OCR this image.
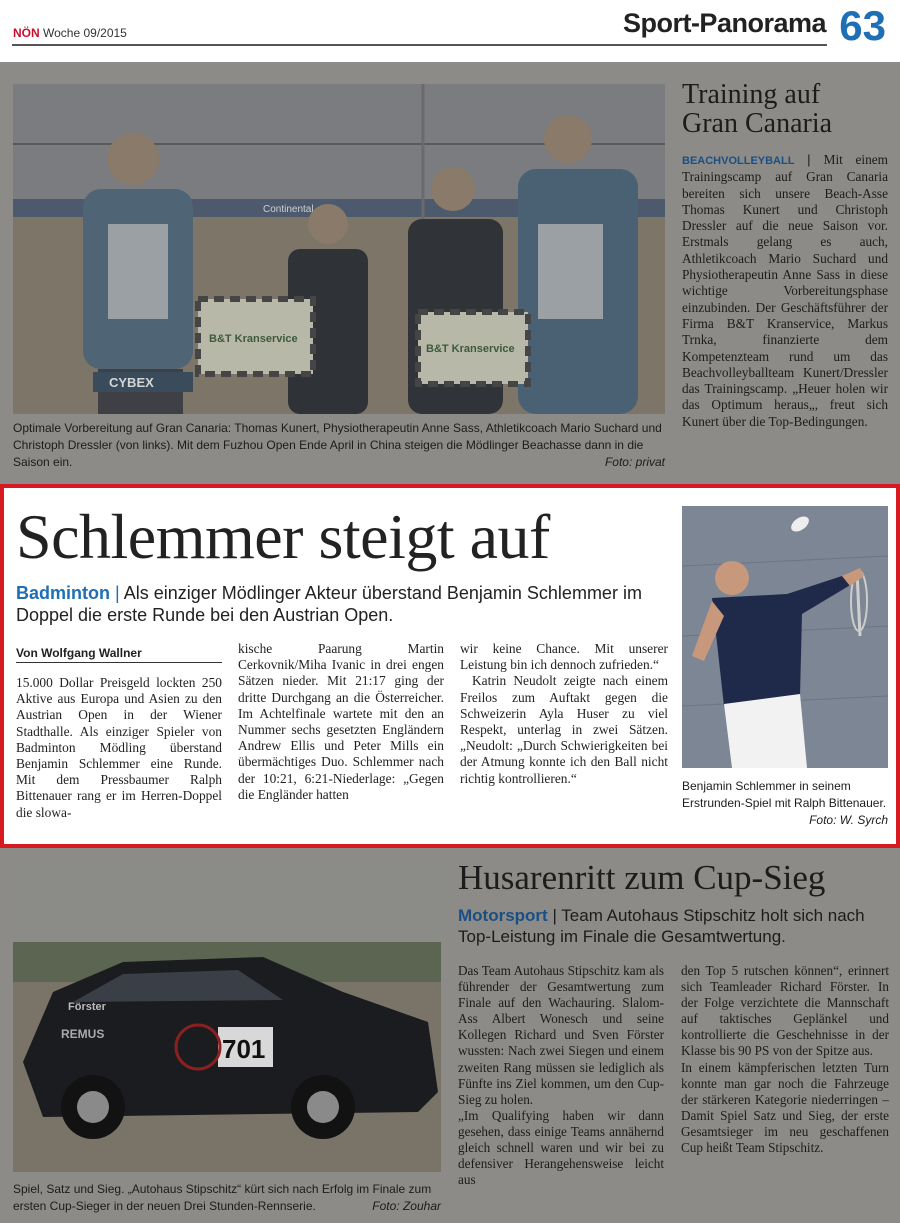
NÖN Woche 09/2015	Sport-Panorama 63
Continental
B&T Kranservice
B&T Kranservice
CYBEX
Optimale Vorbereitung auf Gran Canaria: Thomas Kunert, Physiotherapeutin Anne Sass, Athletikcoach Mario Suchard und Christoph Dressler (von links). Mit dem Fuzhou Open Ende April in China steigen die Mödlinger Beachasse dann in die Saison ein.	Foto: privat
Training auf
Gran Canaria
BEACHVOLLEYBALL | Mit einem Trainingscamp auf Gran Canaria bereiten sich unsere Beach-Asse Thomas Kunert und Christoph Dressler auf die neue Saison vor. Erstmals gelang es auch, Athletikcoach Mario Suchard und Physiotherapeutin Anne Sass in diese wichtige Vorbereitungsphase einzubinden. Der Geschäftsführer der Firma B&T Kranservice, Markus Trnka, finanzierte dem Kompetenzteam rund um das Beachvolleyballteam Kunert/Dressler das Trainingscamp. „Heuer holen wir das Optimum heraus„, freut sich Kunert über die Top-Bedingungen.
Schlemmer steigt auf
Badminton | Als einziger Mödlinger Akteur überstand Benjamin Schlemmer im Doppel die erste Runde bei den Austrian Open.
Von Wolfgang Wallner
15.000 Dollar Preisgeld lockten 250 Aktive aus Europa und Asien zu den Austrian Open in der Wiener Stadthalle. Als einziger Spieler von Badminton Mödling überstand Benjamin Schlemmer eine Runde. Mit dem Pressbaumer Ralph Bittenauer rang er im Herren-Doppel die slowa-
kische Paarung Martin Cerkovnik/Miha Ivanic in drei engen Sätzen nieder. Mit 21:17 ging der dritte Durchgang an die Österreicher. Im Achtelfinale wartete mit den an Nummer sechs gesetzten Engländern Andrew Ellis und Peter Mills ein übermächtiges Duo. Schlemmer nach der 10:21, 6:21-Niederlage: „Gegen die Engländer hatten
wir keine Chance. Mit unserer Leistung bin ich dennoch zufrieden.“
Katrin Neudolt zeigte nach einem Freilos zum Auftakt gegen die Schweizerin Ayla Huser zu viel Respekt, unterlag in zwei Sätzen. „Neudolt: „Durch Schwierigkeiten bei der Atmung konnte ich den Ball nicht richtig kontrollieren.“
Benjamin Schlemmer in seinem Erstrunden-Spiel mit Ralph Bittenauer.
Foto: W. Syrch
701
Förster
REMUS
Spiel, Satz und Sieg. „Autohaus Stipschitz“ kürt sich nach Erfolg im Finale zum ersten Cup-Sieger in der neuen Drei Stunden-Rennserie.	Foto: Zouhar
Husarenritt zum Cup-Sieg
Motorsport | Team Autohaus Stipschitz holt sich nach Top-Leistung im Finale die Gesamtwertung.
Das Team Autohaus Stipschitz kam als führender der Gesamtwertung zum Finale auf den Wachauring. Slalom-Ass Albert Wonesch und seine Kollegen Richard und Sven Förster wussten: Nach zwei Siegen und einem zweiten Rang müssen sie lediglich als Fünfte ins Ziel kommen, um den Cup-Sieg zu holen.
„Im Qualifying haben wir dann gesehen, dass einige Teams annähernd gleich schnell waren und wir bei zu defensiver Herangehensweise leicht aus
den Top 5 rutschen können“, erinnert sich Teamleader Richard Förster. In der Folge verzichtete die Mannschaft auf taktisches Geplänkel und kontrollierte die Geschehnisse in der Klasse bis 90 PS von der Spitze aus.
In einem kämpferischen letzten Turn konnte man gar noch die Fahrzeuge der stärkeren Kategorie niederringen – Damit Spiel Satz und Sieg, der erste Gesamtsieger im neu geschaffenen Cup heißt Team Stipschitz.
